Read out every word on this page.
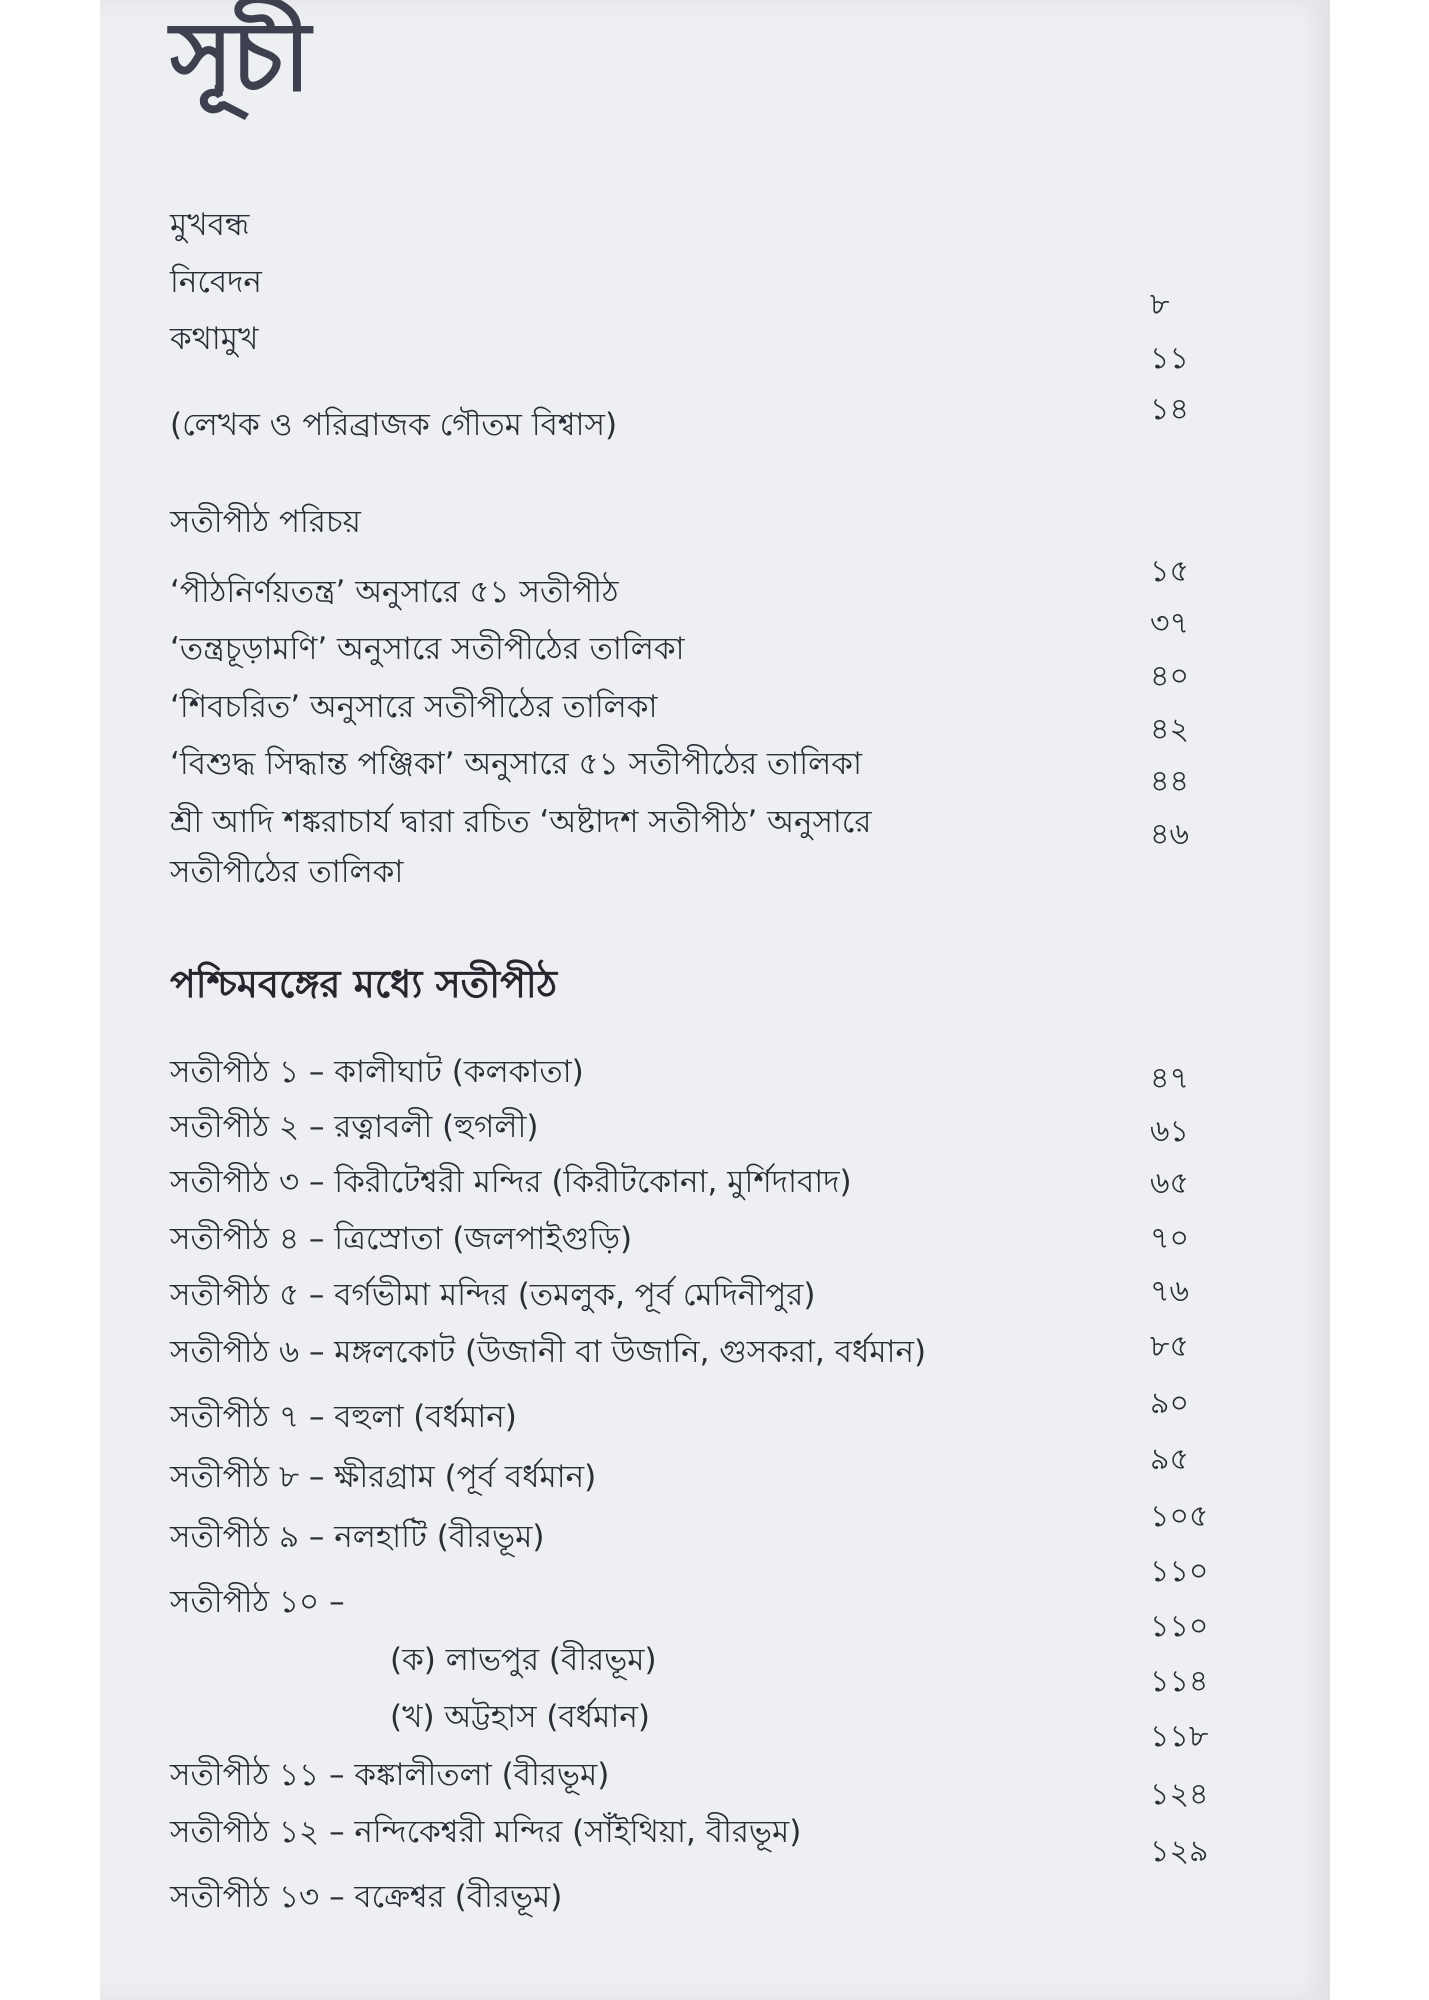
সূচী
মুখবন্ধ
নিবেদন
কথামুখ
(লেখক ও পরিব্রাজক গৌতম বিশ্বাস)
৮
১১
১৪
সতীপীঠ পরিচয়
‘পীঠনির্ণয়তন্ত্র’ অনুসারে ৫১ সতীপীঠ
‘তন্ত্রচূড়ামণি’ অনুসারে সতীপীঠের তালিকা
‘শিবচরিত’ অনুসারে সতীপীঠের তালিকা
‘বিশুদ্ধ সিদ্ধান্ত পঞ্জিকা’ অনুসারে ৫১ সতীপীঠের তালিকা
শ্রী আদি শঙ্করাচার্য দ্বারা রচিত ‘অষ্টাদশ সতীপীঠ’ অনুসারে
সতীপীঠের তালিকা
১৫
৩৭
৪০
৪২
৪৪
৪৬
পশ্চিমবঙ্গের মধ্যে সতীপীঠ
সতীপীঠ ১ – কালীঘাট (কলকাতা)
সতীপীঠ ২ – রত্নাবলী (হুগলী)
সতীপীঠ ৩ – কিরীটেশ্বরী মন্দির (কিরীটকোনা, মুর্শিদাবাদ)
সতীপীঠ ৪ – ত্রিস্রোতা (জলপাইগুড়ি)
সতীপীঠ ৫ – বর্গভীমা মন্দির (তমলুক, পূর্ব মেদিনীপুর)
সতীপীঠ ৬ – মঙ্গলকোট (উজানী বা উজানি, গুসকরা, বর্ধমান)
সতীপীঠ ৭ – বহুলা (বর্ধমান)
সতীপীঠ ৮ – ক্ষীরগ্রাম (পূর্ব বর্ধমান)
সতীপীঠ ৯ – নলহাটি (বীরভূম)
সতীপীঠ ১০ –
(ক) লাভপুর (বীরভূম)
(খ) অট্টহাস (বর্ধমান)
সতীপীঠ ১১ – কঙ্কালীতলা (বীরভূম)
সতীপীঠ ১২ – নন্দিকেশ্বরী মন্দির (সাঁইথিয়া, বীরভূম)
সতীপীঠ ১৩ – বক্রেশ্বর (বীরভূম)
৪৭
৬১
৬৫
৭০
৭৬
৮৫
৯০
৯৫
১০৫
১১০
১১০
১১৪
১১৮
১২৪
১২৯
